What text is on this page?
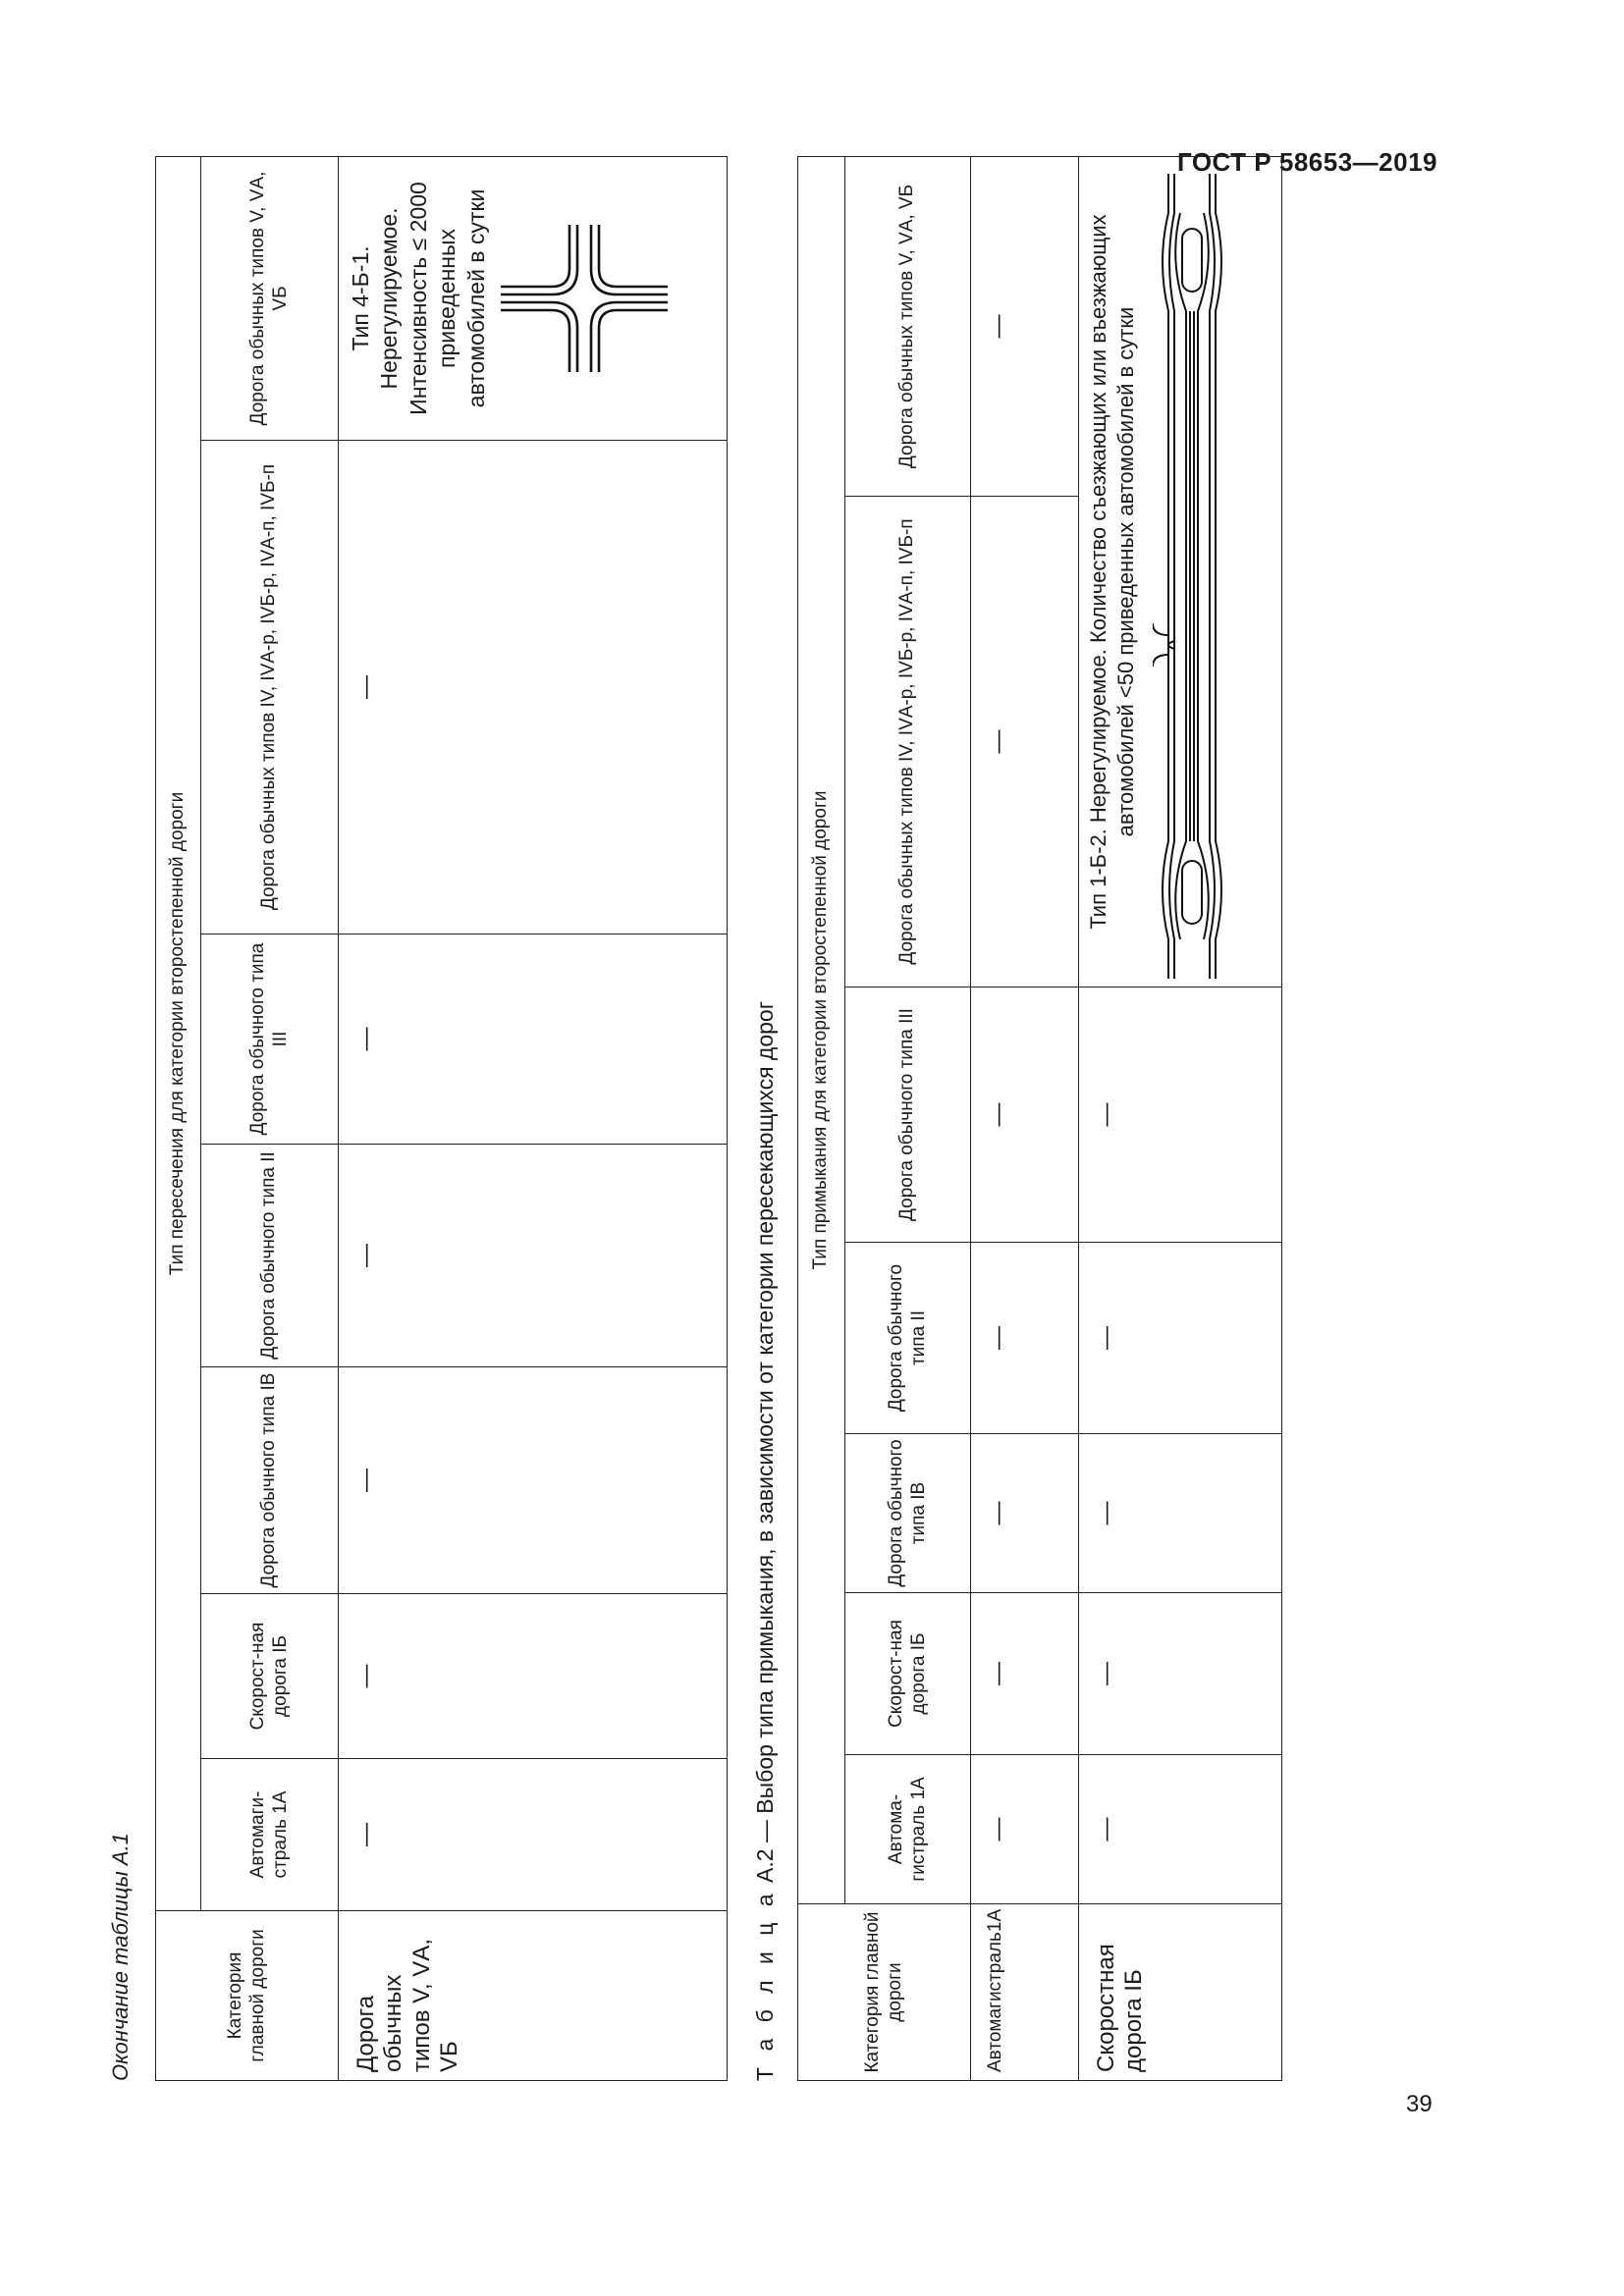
ГОСТ Р 58653—2019
Окончание таблицы А.1	Категория главной дороги	Тип пересечения для категории второстепенной дороги						
	Автомаги-страль 1А	Скорост-ная дорога IБ	Дорога обычного типа IВ	Дорога обычного типа II	Дорога обычного типа III	Дорога обычных типов IV, IVА-р, IVБ-р, IVА-п, IVБ-п	Дорога обычных типов V, VА, VБ
Дорога обычных типов V, VА, VБ	—	—	—	—	—	—	Тип 4-Б-1. Нерегулируемое. Интенсивность ≤ 2000 приведенных автомобилей в сутки
Т а б л и ц а А.2 — Выбор типа примыкания, в зависимости от категории пересекающихся дорог
Категория главной дороги	Тип примыкания для категории второстепенной дороги						
	Автома-гистраль 1А	Скорост-ная дорога IБ	Дорога обычного типа IВ	Дорога обычного типа II	Дорога обычного типа III	Дорога обычных типов IV, IVА-р, IVБ-р, IVА-п, IVБ-п	Дорога обычных типов V, VА, VБ
Автомагистраль1А	—	—	—	—	—	—	—
Скоростная дорога IБ	—	—	—	—	—	Тип 1-Б-2. Нерегулируемое. Количество съезжающих или въезжающих автомобилей <50 приведенных автомобилей в сутки	
39
